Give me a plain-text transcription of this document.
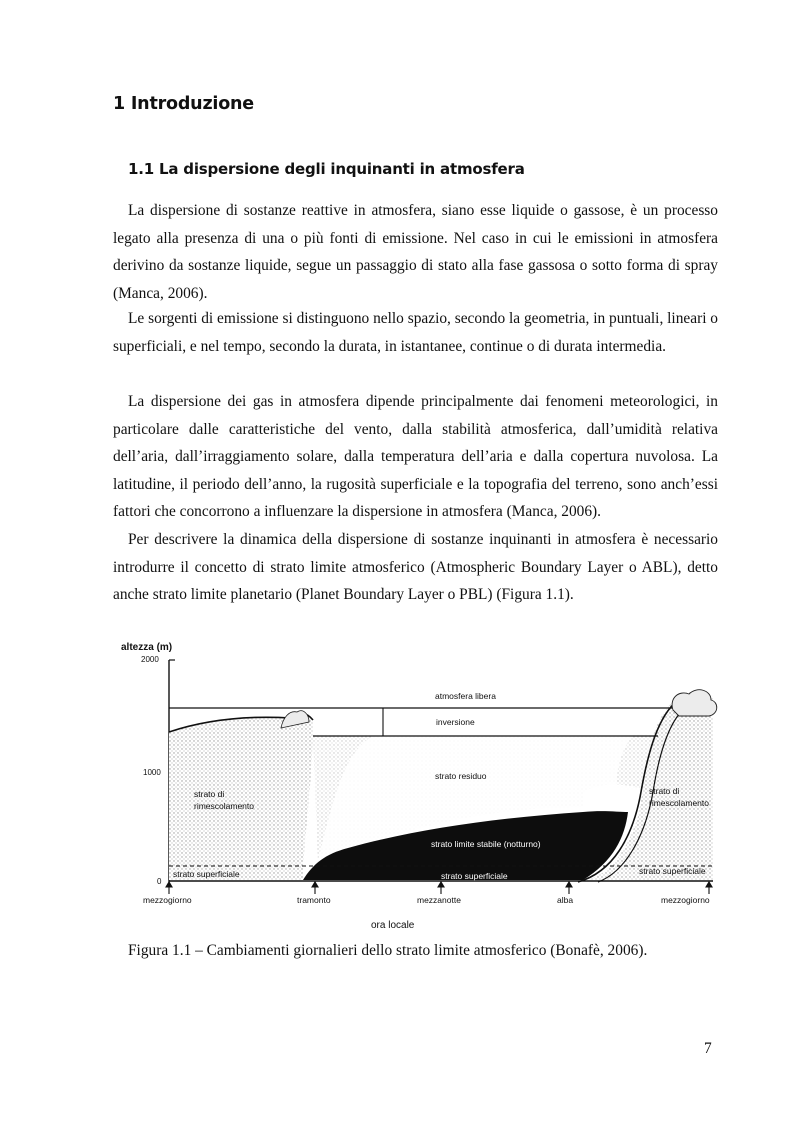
1 Introduzione
1.1 La dispersione degli inquinanti in atmosfera

La dispersione di sostanze reattive in atmosfera, siano esse liquide o gassose, è un processo legato alla presenza di una o più fonti di emissione. Nel caso in cui le emissioni in atmosfera derivino da sostanze liquide, segue un passaggio di stato alla fase gassosa o sotto forma di spray (Manca, 2006).

Le sorgenti di emissione si distinguono nello spazio, secondo la geometria, in puntuali, lineari o superficiali, e nel tempo, secondo la durata, in istantanee, continue o di durata intermedia.

La dispersione dei gas in atmosfera dipende principalmente dai fenomeni meteorologici, in particolare dalle caratteristiche del vento, dalla stabilità atmosferica, dall’umidità relativa dell’aria, dall’irraggiamento solare, dalla temperatura dell’aria e dalla copertura nuvolosa. La latitudine, il periodo dell’anno, la rugosità superficiale e la topografia del terreno, sono anch’essi fattori che concorrono a influenzare la dispersione in atmosfera (Manca, 2006).

Per descrivere la dinamica della dispersione di sostanze inquinanti in atmosfera è necessario introdurre il concetto di strato limite atmosferico (Atmospheric Boundary Layer o ABL), detto anche strato limite planetario (Planet Boundary Layer o PBL) (Figura 1.1).

altezza (m)
2000
1000
0
atmosfera libera
inversione
strato residuo
strato di
rimescolamento
strato di
rimescolamento
strato limite stabile (notturno)
strato superficiale	strato superficiale	strato superficiale
mezzogiorno	tramonto	mezzanotte	alba	mezzogiorno
ora locale

Figura 1.1 – Cambiamenti giornalieri dello strato limite atmosferico (Bonafè, 2006).

7
